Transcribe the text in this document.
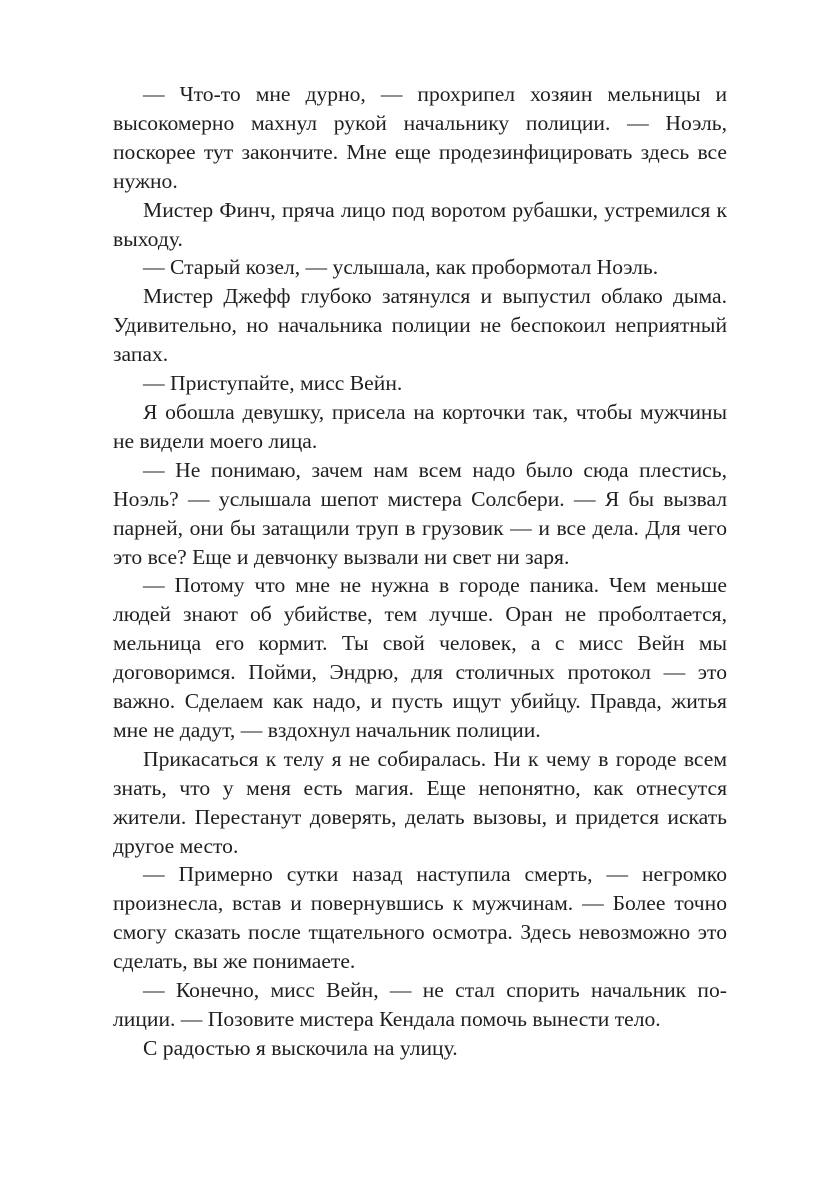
— Что-то мне дурно, — прохрипел хозяин мельницы и высокомерно махнул рукой начальнику полиции. — Ноэль, поскорее тут закончите. Мне еще продезинфицировать здесь все нужно.

Мистер Финч, пряча лицо под воротом рубашки, устремился к выходу.

— Старый козел, — услышала, как пробормотал Ноэль.

Мистер Джефф глубоко затянулся и выпустил облако дыма. Удивительно, но начальника полиции не беспокоил неприятный запах.

— Приступайте, мисс Вейн.

Я обошла девушку, присела на корточки так, чтобы мужчины не видели моего лица.

— Не понимаю, зачем нам всем надо было сюда плестись, Ноэль? — услышала шепот мистера Солсбери. — Я бы вызвал парней, они бы затащили труп в грузовик — и все дела. Для чего это все? Еще и девчонку вызвали ни свет ни заря.

— Потому что мне не нужна в городе паника. Чем меньше людей знают об убийстве, тем лучше. Оран не проболтается, мельница его кормит. Ты свой человек, а с мисс Вейн мы договоримся. Пойми, Эндрю, для столичных протокол — это важно. Сделаем как надо, и пусть ищут убийцу. Правда, житья мне не дадут, — вздохнул начальник полиции.

Прикасаться к телу я не собиралась. Ни к чему в городе всем знать, что у меня есть магия. Еще непонятно, как отнесутся жители. Перестанут доверять, делать вызовы, и придется искать другое место.

— Примерно сутки назад наступила смерть, — негромко произнесла, встав и повернувшись к мужчинам. — Более точно смогу сказать после тщательного осмотра. Здесь невозможно это сделать, вы же понимаете.

— Конечно, мисс Вейн, — не стал спорить начальник полиции. — Позовите мистера Кендала помочь вынести тело.

С радостью я выскочила на улицу.
